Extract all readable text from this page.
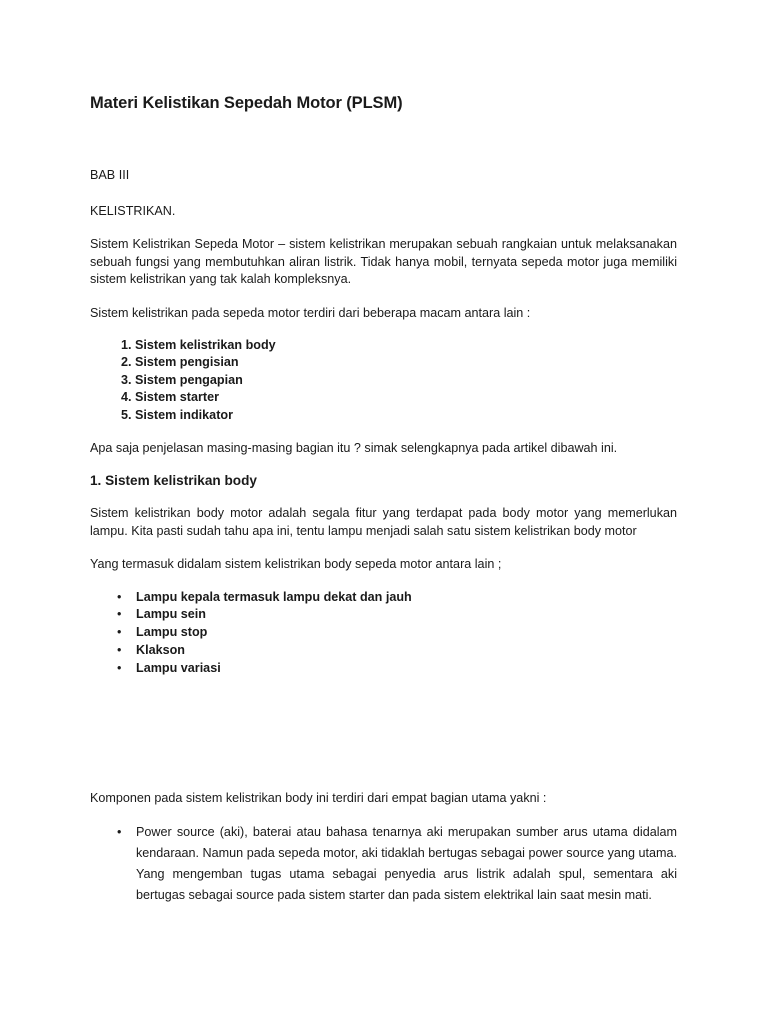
Materi Kelistikan Sepedah Motor (PLSM)

BAB III

KELISTRIKAN.

Sistem Kelistrikan Sepeda Motor – sistem kelistrikan merupakan sebuah rangkaian untuk melaksanakan sebuah fungsi yang membutuhkan aliran listrik. Tidak hanya mobil, ternyata sepeda motor juga memiliki sistem kelistrikan yang tak kalah kompleksnya.

Sistem kelistrikan pada sepeda motor terdiri dari beberapa macam antara lain :

1. Sistem kelistrikan body
2. Sistem pengisian
3. Sistem pengapian
4. Sistem starter
5. Sistem indikator

Apa saja penjelasan masing-masing bagian itu ? simak selengkapnya pada artikel dibawah ini.

1. Sistem kelistrikan body

Sistem kelistrikan body motor adalah segala fitur yang terdapat pada body motor yang memerlukan lampu. Kita pasti sudah tahu apa ini, tentu lampu menjadi salah satu sistem kelistrikan body motor

Yang termasuk didalam sistem kelistrikan body sepeda motor antara lain ;

• Lampu kepala termasuk lampu dekat dan jauh
• Lampu sein
• Lampu stop
• Klakson
• Lampu variasi

Komponen pada sistem kelistrikan body ini terdiri dari empat bagian utama yakni :

• Power source (aki), baterai atau bahasa tenarnya aki merupakan sumber arus utama didalam kendaraan. Namun pada sepeda motor, aki tidaklah bertugas sebagai power source yang utama. Yang mengemban tugas utama sebagai penyedia arus listrik adalah spul, sementara aki bertugas sebagai source pada sistem starter dan pada sistem elektrikal lain saat mesin mati.
